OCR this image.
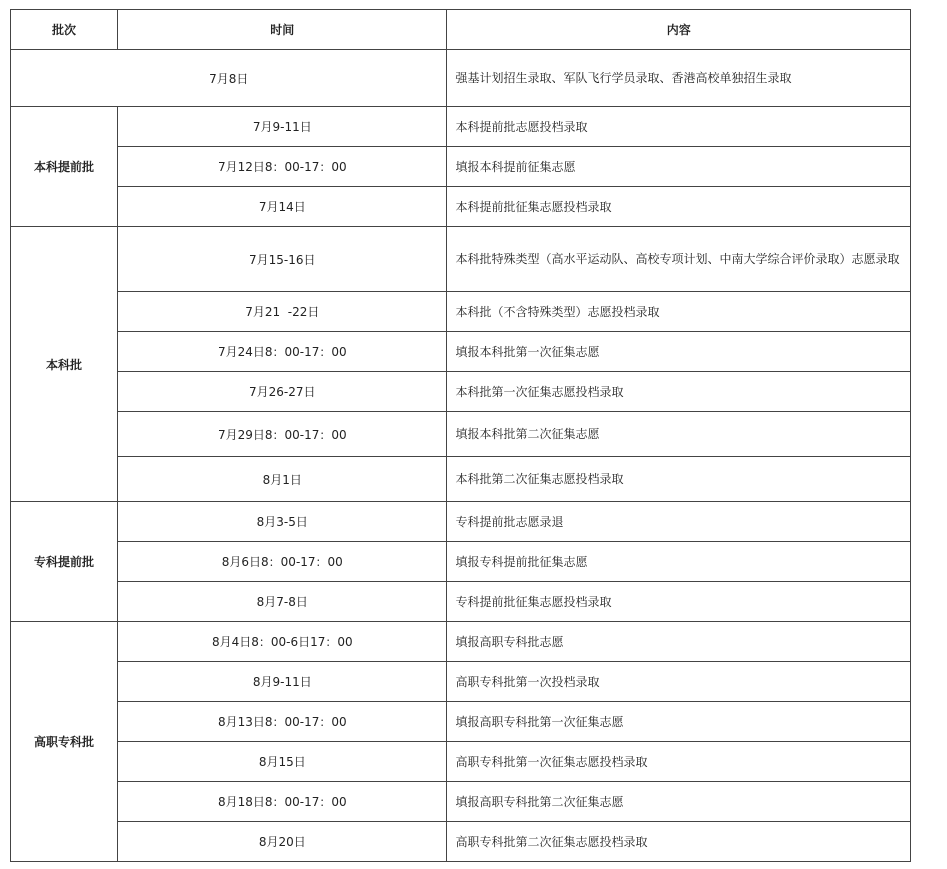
批次	时间	内容
7月8日		强基计划招生录取、军队飞行学员录取、香港高校单独招生录取
本科提前批	7月9-11日	本科提前批志愿投档录取
	7月12日8：00-17：00	填报本科提前征集志愿
	7月14日	本科提前批征集志愿投档录取
本科批	7月15-16日	本科批特殊类型（高水平运动队、高校专项计划、中南大学综合评价录取）志愿录取
	7月21  -22日	本科批（不含特殊类型）志愿投档录取
	7月24日8：00-17：00	填报本科批第一次征集志愿
	7月26-27日	本科批第一次征集志愿投档录取
	7月29日8：00-17：00	填报本科批第二次征集志愿
	8月1日	本科批第二次征集志愿投档录取
专科提前批	8月3-5日	专科提前批志愿录退
	8月6日8：00-17：00	填报专科提前批征集志愿
	8月7-8日	专科提前批征集志愿投档录取
高职专科批	8月4日8：00-6日17：00	填报高职专科批志愿
	8月9-11日	高职专科批第一次投档录取
	8月13日8：00-17：00	填报高职专科批第一次征集志愿
	8月15日	高职专科批第一次征集志愿投档录取
	8月18日8：00-17：00	填报高职专科批第二次征集志愿
	8月20日	高职专科批第二次征集志愿投档录取
